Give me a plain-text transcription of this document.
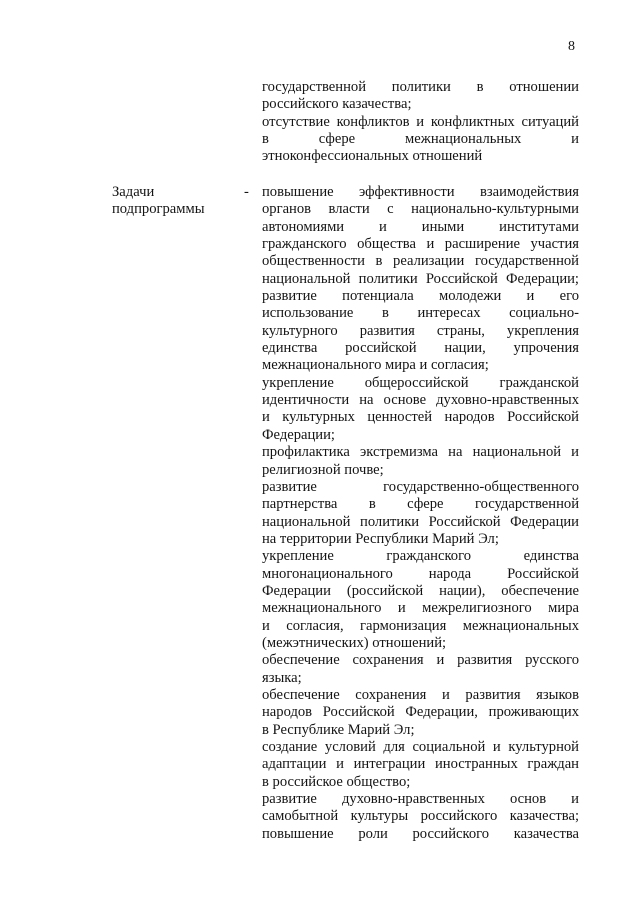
8

государственной политики в отношении

российского казачества;

отсутствие конфликтов и конфликтных ситуаций

в сфере межнациональных и

этноконфессиональных отношений

Задачи
подпрограммы
- повышение эффективности взаимодействия

органов власти с национально-культурными

автономиями и иными институтами

гражданского общества и расширение участия

общественности в реализации государственной

национальной политики Российской Федерации;

развитие потенциала молодежи и его

использование в интересах социально-

культурного развития страны, укрепления

единства российской нации, упрочения

межнационального мира и согласия;

укрепление общероссийской гражданской

идентичности на основе духовно-нравственных

и культурных ценностей народов Российской

Федерации;

профилактика экстремизма на национальной и

религиозной почве;

развитие государственно-общественного

партнерства в сфере государственной

национальной политики Российской Федерации

на территории Республики Марий Эл;

укрепление гражданского единства

многонационального народа Российской

Федерации (российской нации), обеспечение

межнационального и межрелигиозного мира

и согласия, гармонизация межнациональных

(межэтнических) отношений;

обеспечение сохранения и развития русского

языка;

обеспечение сохранения и развития языков

народов Российской Федерации, проживающих

в Республике Марий Эл;

создание условий для социальной и культурной

адаптации и интеграции иностранных граждан

в российское общество;

развитие духовно-нравственных основ и

самобытной культуры российского казачества;

повышение роли российского казачества
